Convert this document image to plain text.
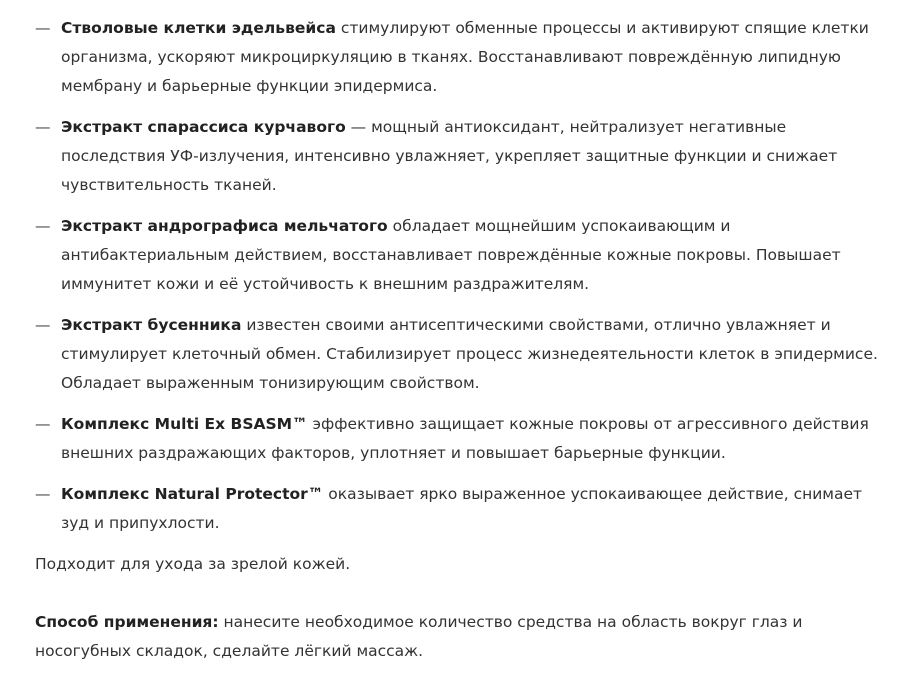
— Стволовые клетки эдельвейса стимулируют обменные процессы и активируют спящие клетки организма, ускоряют микроциркуляцию в тканях. Восстанавливают повреждённую липидную мембрану и барьерные функции эпидермиса.
— Экстракт спарассиса курчавого — мощный антиоксидант, нейтрализует негативные последствия УФ-излучения, интенсивно увлажняет, укрепляет защитные функции и снижает чувствительность тканей.
— Экстракт андрографиса мельчатого обладает мощнейшим успокаивающим и антибактериальным действием, восстанавливает повреждённые кожные покровы. Повышает иммунитет кожи и её устойчивость к внешним раздражителям.
— Экстракт бусенника известен своими антисептическими свойствами, отлично увлажняет и стимулирует клеточный обмен. Стабилизирует процесс жизнедеятельности клеток в эпидермисе. Обладает выраженным тонизирующим свойством.
— Комплекс Multi Ex BSASM™ эффективно защищает кожные покровы от агрессивного действия внешних раздражающих факторов, уплотняет и повышает барьерные функции.
— Комплекс Natural Protector™ оказывает ярко выраженное успокаивающее действие, снимает зуд и припухлости.

Подходит для ухода за зрелой кожей.

Способ применения: нанесите необходимое количество средства на область вокруг глаз и носогубных складок, сделайте лёгкий массаж.
